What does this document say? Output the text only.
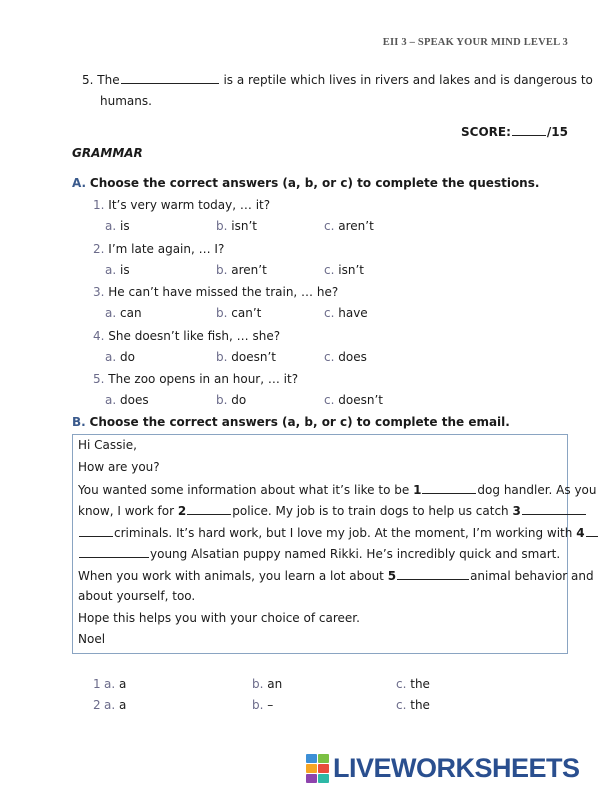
EII 3 – SPEAK YOUR MIND LEVEL 3
5. The	is a reptile which lives in rivers and lakes and is dangerous to
humans.
SCORE:	/15
GRAMMAR
A. Choose the correct answers (a, b, or c) to complete the questions.
1. It’s very warm today, … it?
a. is	b. isn’t	c. aren’t
2. I’m late again, … I?
a. is	b. aren’t	c. isn’t
3. He can’t have missed the train, … he?
a. can	b. can’t	c. have
4. She doesn’t like fish, … she?
a. do	b. doesn’t	c. does
5. The zoo opens in an hour, … it?
a. does	b. do	c. doesn’t
B. Choose the correct answers (a, b, or c) to complete the email.
Hi Cassie,
How are you?
You wanted some information about what it’s like to be 1	dog handler. As you
know, I work for 2	police. My job is to train dogs to help us catch 3
criminals. It’s hard work, but I love my job. At the moment, I’m working with 4
young Alsatian puppy named Rikki. He’s incredibly quick and smart.
When you work with animals, you learn a lot about 5	animal behavior and
about yourself, too.
Hope this helps you with your choice of career.
Noel
1 a. a	b. an	c. the
2 a. a	b. –	c. the
LIVEWORKSHEETS
